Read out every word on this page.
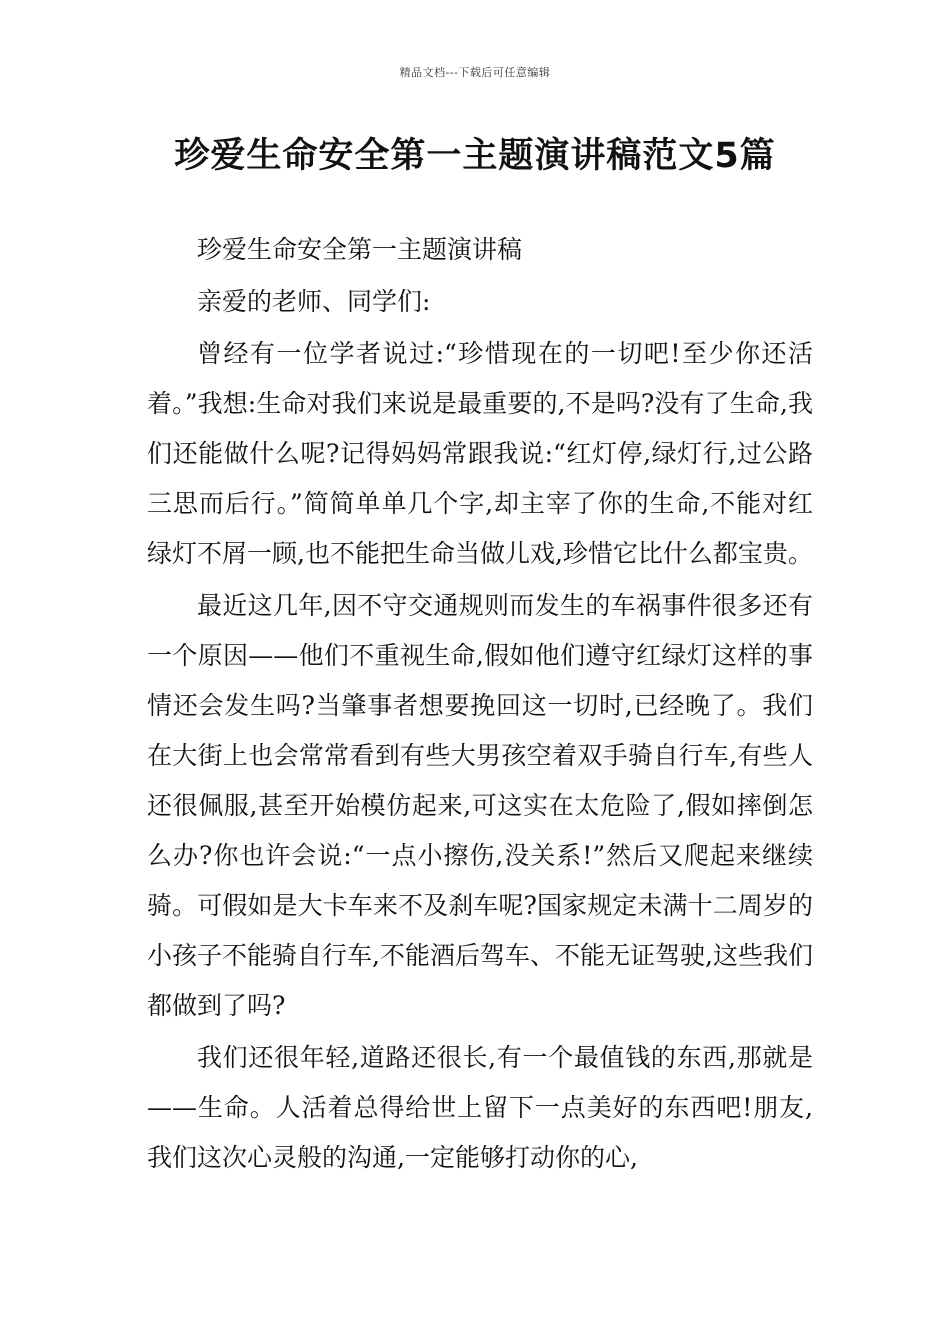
精品文档---下载后可任意编辑
珍爱生命安全第一主题演讲稿范文5篇

珍爱生命安全第一主题演讲稿

亲爱的老师、同学们:

曾经有一位学者说过:“珍惜现在的一切吧!至少你还活着。”我想:生命对我们来说是最重要的,不是吗?没有了生命,我们还能做什么呢?记得妈妈常跟我说:“红灯停,绿灯行,过公路三思而后行。”简简单单几个字,却主宰了你的生命,不能对红绿灯不屑一顾,也不能把生命当做儿戏,珍惜它比什么都宝贵。

最近这几年,因不守交通规则而发生的车祸事件很多还有一个原因——他们不重视生命,假如他们遵守红绿灯这样的事情还会发生吗?当肇事者想要挽回这一切时,已经晚了。我们在大街上也会常常看到有些大男孩空着双手骑自行车,有些人还很佩服,甚至开始模仿起来,可这实在太危险了,假如摔倒怎么办?你也许会说:“一点小擦伤,没关系!”然后又爬起来继续骑。可假如是大卡车来不及刹车呢?国家规定未满十二周岁的小孩子不能骑自行车,不能酒后驾车、不能无证驾驶,这些我们都做到了吗?

我们还很年轻,道路还很长,有一个最值钱的东西,那就是——生命。人活着总得给世上留下一点美好的东西吧!朋友,我们这次心灵般的沟通,一定能够打动你的心,
